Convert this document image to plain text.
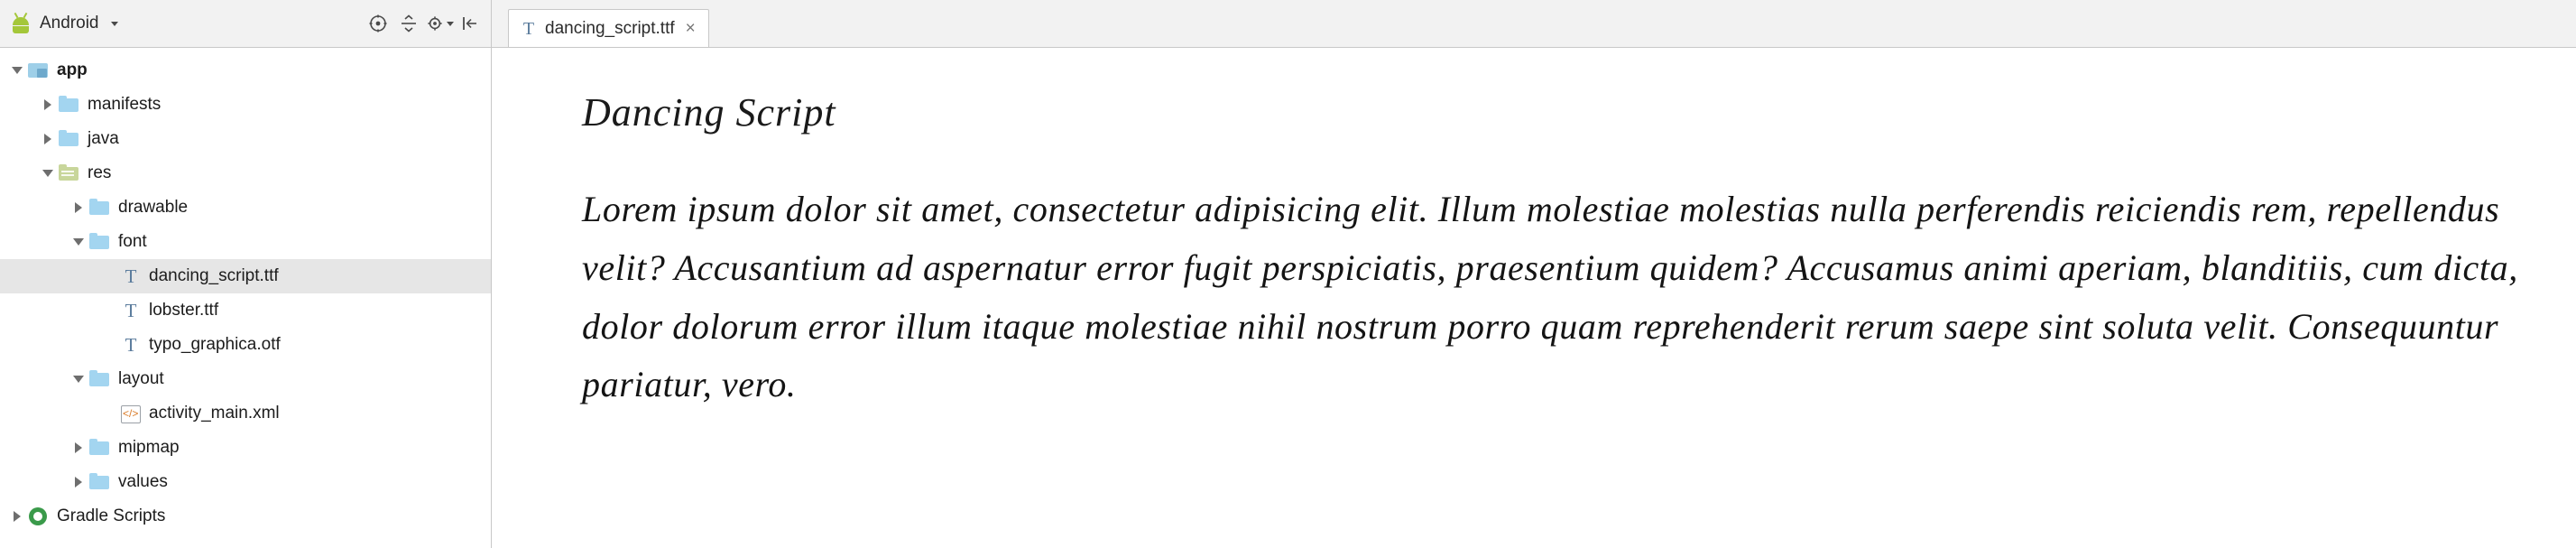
Android	T dancing_script.ttf ×
app
manifests
java
res
drawable
font
T dancing_script.ttf
T lobster.ttf
T typo_graphica.otf
layout
</> activity_main.xml
mipmap
values
Gradle Scripts
Dancing Script
Lorem ipsum dolor sit amet, consectetur adipisicing elit. Illum molestiae molestias nulla perferendis reiciendis rem, repellendus velit? Accusantium ad aspernatur error fugit perspiciatis, praesentium quidem? Accusamus animi aperiam, blanditiis, cum dicta, dolor dolorum error illum itaque molestiae nihil nostrum porro quam reprehenderit rerum saepe sint soluta velit. Consequuntur pariatur, vero.
